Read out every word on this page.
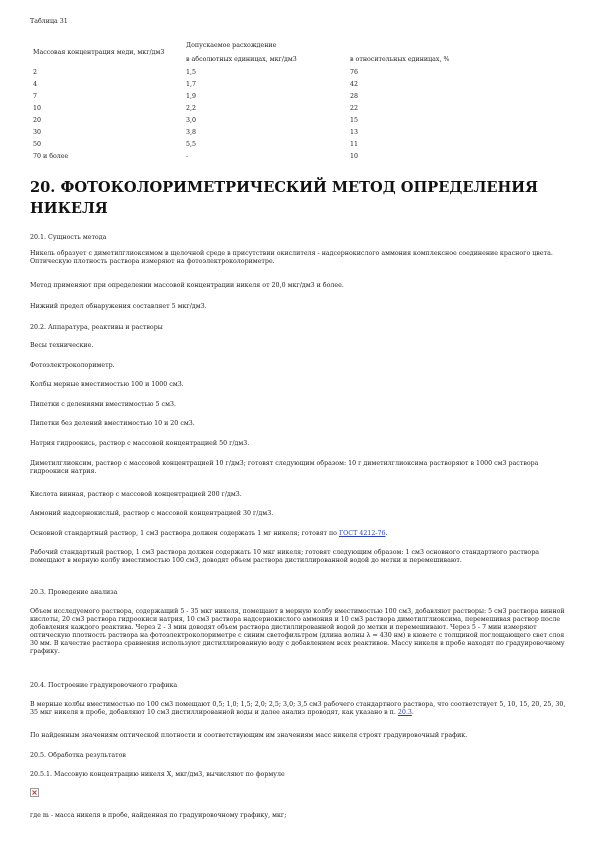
Таблица 31
Допускаемое расхождение
Массовая концентрация меди, мкг/дм3
в абсолютных единицах, мкг/дм3	в относительных единицах, %
2	1,5	76
4	1,7	42
7	1,9	28
10	2,2	22
20	3,0	15
30	3,8	13
50	5,5	11
70 и более	-	10
20. ФОТОКОЛОРИМЕТРИЧЕСКИЙ МЕТОД ОПРЕДЕЛЕНИЯ НИКЕЛЯ
20.1. Сущность метода
Никель образует с диметилглиоксимом в щелочной среде в присутствии окислителя - надсернокислого аммония комплексное соединение красного цвета. Оптическую плотность раствора измеряют на фотоэлектроколориметре.
Метод применяют при определении массовой концентрации никеля от 20,0 мкг/дм3 и более.
Нижний предел обнаружения составляет 5 мкг/дм3.
20.2. Аппаратура, реактивы и растворы
Весы технические.
Фотоэлектроколориметр.
Колбы мерные вместимостью 100 и 1000 см3.
Пипетки с делениями вместимостью 5 см3.
Пипетки без делений вместимостью 10 и 20 см3.
Натрия гидроокись, раствор с массовой концентрацией 50 г/дм3.
Диметилглиоксим, раствор с массовой концентрацией 10 г/дм3; готовят следующим образом: 10 г диметилглиоксима растворяют в 1000 см3 раствора гидроокиси натрия.
Кислота винная, раствор с массовой концентрацией 200 г/дм3.
Аммоний надсернокислый, раствор с массовой концентрацией 30 г/дм3.
Основной стандартный раствор, 1 см3 раствора должен содержать 1 мг никеля; готовят по ГОСТ 4212-76.
Рабочий стандартный раствор, 1 см3 раствора должен содержать 10 мкг никеля; готовят следующим образом: 1 см3 основного стандартного раствора помещают в мерную колбу вместимостью 100 см3, доводят объем раствора дистиллированной водой до метки и перемешивают.
20.3. Проведение анализа
Объем исследуемого раствора, содержащий 5 - 35 мкг никеля, помещают в мерную колбу вместимостью 100 см3, добавляют растворы: 5 см3 раствора винной кислоты, 20 см3 раствора гидроокиси натрия, 10 см3 раствора надсернокислого аммония и 10 см3 раствора диметилглиоксима, перемешивая раствор после добавления каждого реактива. Через 2 - 3 мин доводят объем раствора дистиллированной водой до метки и перемешивают. Через 5 - 7 мин измеряют оптическую плотность раствора на фотоэлектроколориметре с синим светофильтром (длина волны λ = 430 нм) в кювете с толщиной поглощающего свет слоя 30 мм. В качестве раствора сравнения используют дистиллированную воду с добавлением всех реактивов. Массу никеля в пробе находят по градуировочному графику.
20.4. Построение градуировочного графика
В мерные колбы вместимостью по 100 см3 помещают 0,5; 1,0; 1,5; 2,0; 2,5; 3,0; 3,5 см3 рабочего стандартного раствора, что соответствует 5, 10, 15, 20, 25, 30, 35 мкг никеля в пробе, добавляют 10 см3 дистиллированной воды и далее анализ проводят, как указано в п. 20.3.
По найденным значениям оптической плотности и соответствующим им значениям масс никеля строят градуировочный график.
20.5. Обработка результатов
20.5.1. Массовую концентрацию никеля Х, мкг/дм3, вычисляют по формуле
где m - масса никеля в пробе, найденная по градуировочному графику, мкг;
